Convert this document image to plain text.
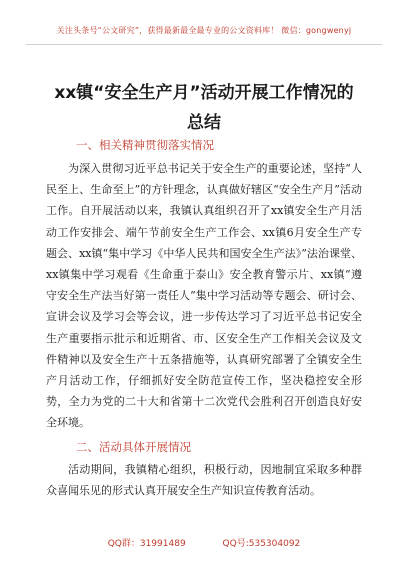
关注头条号“公文研究”，获得最新最全最专业的公文资料库！ 微信：gongwenyj
xx镇“安全生产月”活动开展工作情况的总结
一、相关精神贯彻落实情况

为深入贯彻习近平总书记关于安全生产的重要论述，坚持“人民至上、生命至上”的方针理念，认真做好辖区“安全生产月”活动工作。自开展活动以来，我镇认真组织召开了xx镇安全生产月活动工作安排会、端午节前安全生产工作会、xx镇6月安全生产专题会、xx镇“集中学习《中华人民共和国安全生产法》”法治课堂、xx镇集中学习观看《生命重于泰山》安全教育警示片、xx镇“遵守安全生产法当好第一责任人”集中学习活动等专题会、研讨会、宣讲会议及学习会等会议，进一步传达学习了习近平总书记安全生产重要指示批示和近期省、市、区安全生产工作相关会议及文件精神以及安全生产十五条措施等，认真研究部署了全镇安全生产月活动工作，仔细抓好安全防范宣传工作，坚决稳控安全形势，全力为党的二十大和省第十二次党代会胜利召开创造良好安全环境。

二、活动具体开展情况

活动期间，我镇精心组织，积极行动，因地制宜采取多种群众喜闻乐见的形式认真开展安全生产知识宣传教育活动。

QQ群：31991489	QQ号:535304092
